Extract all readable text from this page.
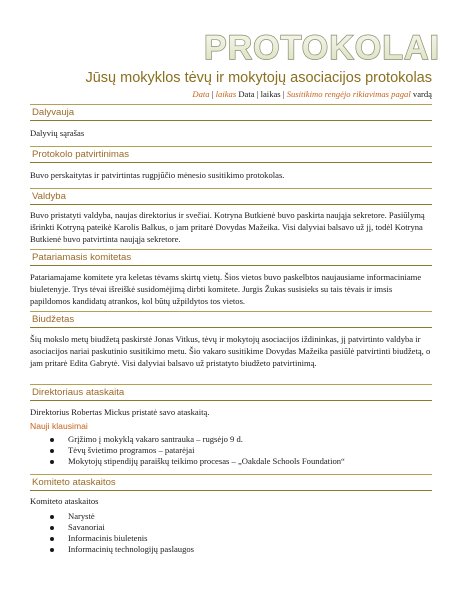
PROTOKOLAI
Jūsų mokyklos tėvų ir mokytojų asociacijos protokolas
Data | laikas Data | laikas | Susitikimo rengėjo rikiavimas pagal vardą
Dalyvauja
Dalyvių sąrašas
Protokolo patvirtinimas
Buvo perskaitytas ir patvirtintas rugpjūčio mėnesio susitikimo protokolas.
Valdyba
Buvo pristatyti valdyba, naujas direktorius ir svečiai. Kotryna Butkienė buvo paskirta naująja sekretore. Pasiūlymą išrinkti Kotryną pateikė Karolis Balkus, o jam pritarė Dovydas Mažeika. Visi dalyviai balsavo už jį, todėl Kotryna Butkienė buvo patvirtinta naująja sekretore.
Patariamasis komitetas
Patariamajame komitete yra keletas tėvams skirtų vietų. Šios vietos buvo paskelbtos naujausiame informaciniame biuletenyje. Trys tėvai išreiškė susidomėjimą dirbti komitete. Jurgis Žukas susisieks su tais tėvais ir imsis papildomos kandidatų atrankos, kol būtų užpildytos tos vietos.
Biudžetas
Šių mokslo metų biudžetą paskirstė Jonas Vitkus, tėvų ir mokytojų asociacijos iždininkas, jį patvirtinto valdyba ir asociacijos nariai paskutinio susitikimo metu. Šio vakaro susitikime Dovydas Mažeika pasiūlė patvirtinti biudžetą, o jam pritarė Edita Gabrytė. Visi dalyviai balsavo už pristatyto biudžeto patvirtinimą.
Direktoriaus ataskaita
Direktorius Robertas Mickus pristatė savo ataskaitą.
Nauji klausimai
Grįžimo į mokyklą vakaro santrauka – rugsėjo 9 d.
Tėvų švietimo programos – patarėjai
Mokytojų stipendijų paraiškų teikimo procesas – „Oakdale Schools Foundation“
Komiteto ataskaitos
Komiteto ataskaitos
Narystė
Savanoriai
Informacinis biuletenis
Informacinių technologijų paslaugos
